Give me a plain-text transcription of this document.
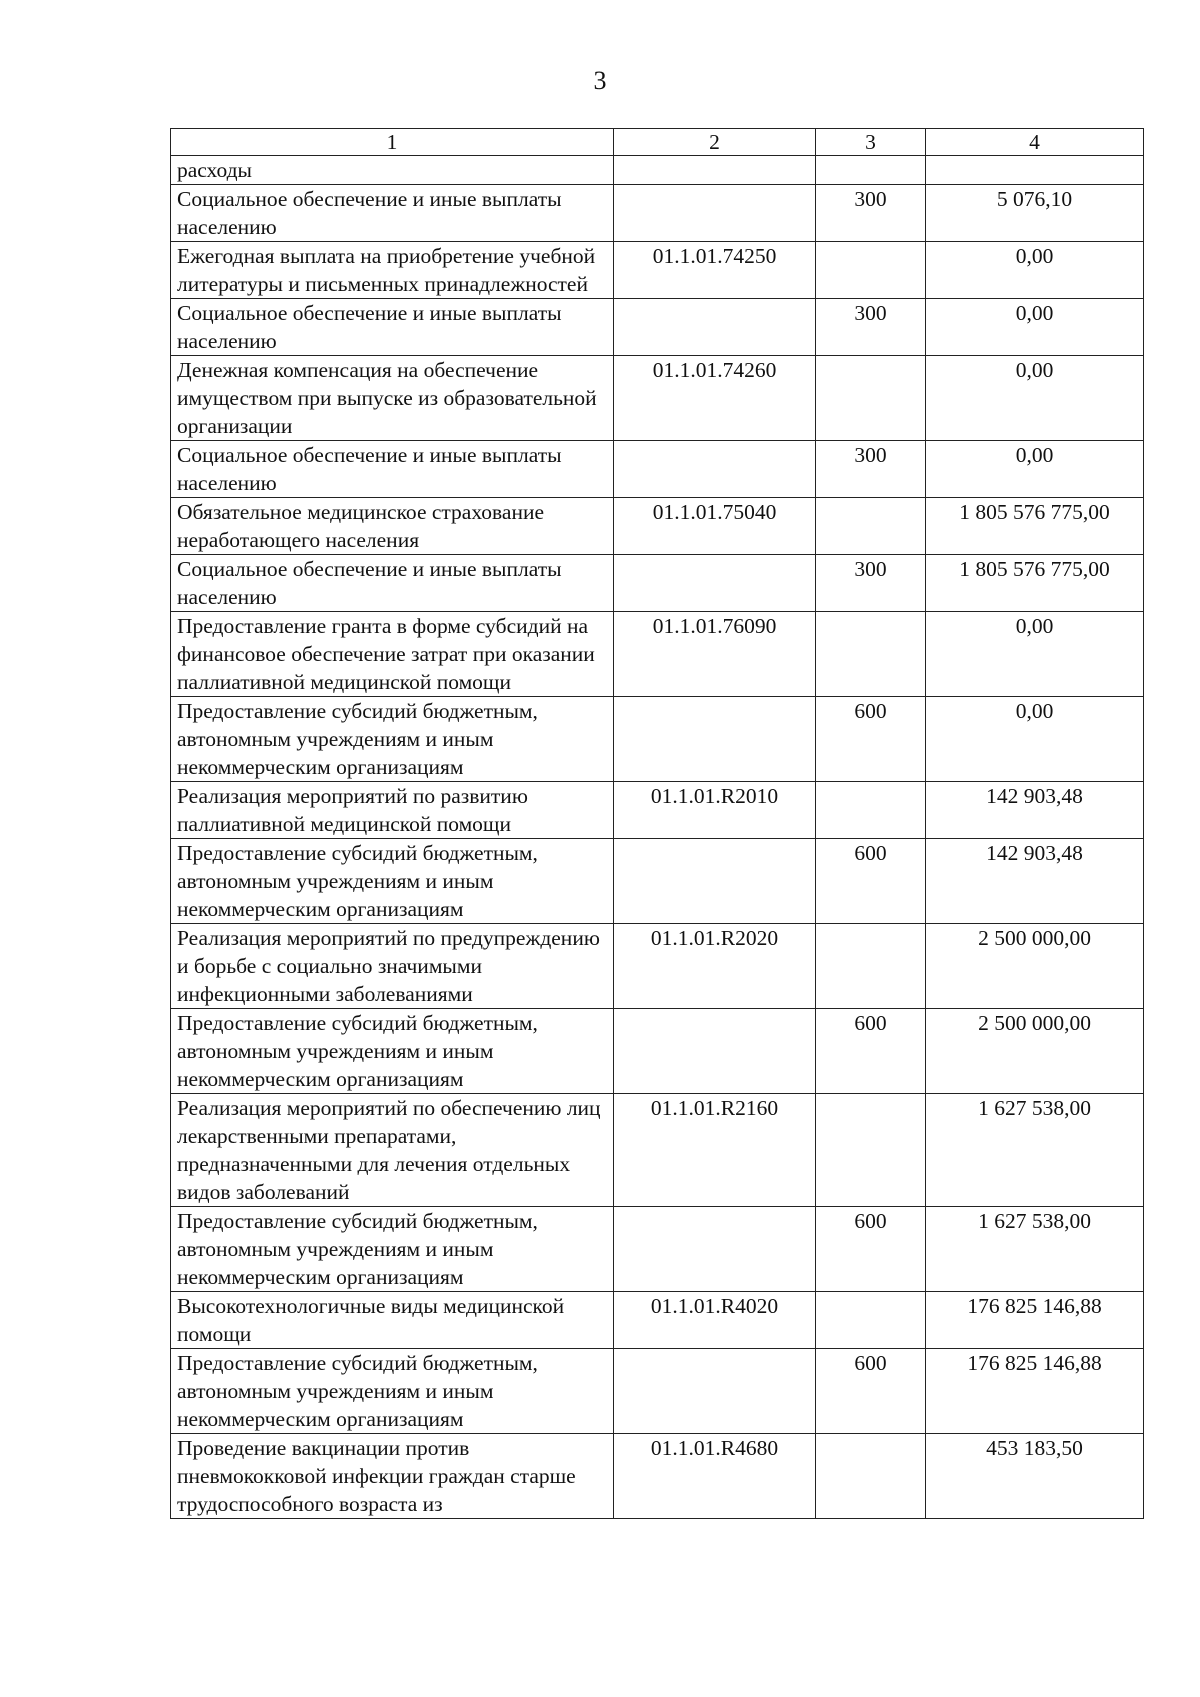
3
1	2	3	4
расходы			
Социальное обеспечение и иные выплаты населению		300	5 076,10
Ежегодная выплата на приобретение учебной литературы и письменных принадлежностей	01.1.01.74250		0,00
Социальное обеспечение и иные выплаты населению		300	0,00
Денежная компенсация на обеспечение имуществом при выпуске из образовательной организации	01.1.01.74260		0,00
Социальное обеспечение и иные выплаты населению		300	0,00
Обязательное медицинское страхование неработающего населения	01.1.01.75040		1 805 576 775,00
Социальное обеспечение и иные выплаты населению		300	1 805 576 775,00
Предоставление гранта в форме субсидий на финансовое обеспечение затрат при оказании паллиативной медицинской помощи	01.1.01.76090		0,00
Предоставление субсидий бюджетным, автономным учреждениям и иным некоммерческим организациям		600	0,00
Реализация мероприятий по развитию паллиативной медицинской помощи	01.1.01.R2010		142 903,48
Предоставление субсидий бюджетным, автономным учреждениям и иным некоммерческим организациям		600	142 903,48
Реализация мероприятий по предупреждению и борьбе с социально значимыми инфекционными заболеваниями	01.1.01.R2020		2 500 000,00
Предоставление субсидий бюджетным, автономным учреждениям и иным некоммерческим организациям		600	2 500 000,00
Реализация мероприятий по обеспечению лиц лекарственными препаратами, предназначенными для лечения отдельных видов заболеваний	01.1.01.R2160		1 627 538,00
Предоставление субсидий бюджетным, автономным учреждениям и иным некоммерческим организациям		600	1 627 538,00
Высокотехнологичные виды медицинской помощи	01.1.01.R4020		176 825 146,88
Предоставление субсидий бюджетным, автономным учреждениям и иным некоммерческим организациям		600	176 825 146,88
Проведение вакцинации против пневмококковой инфекции граждан старше трудоспособного возраста из	01.1.01.R4680		453 183,50
